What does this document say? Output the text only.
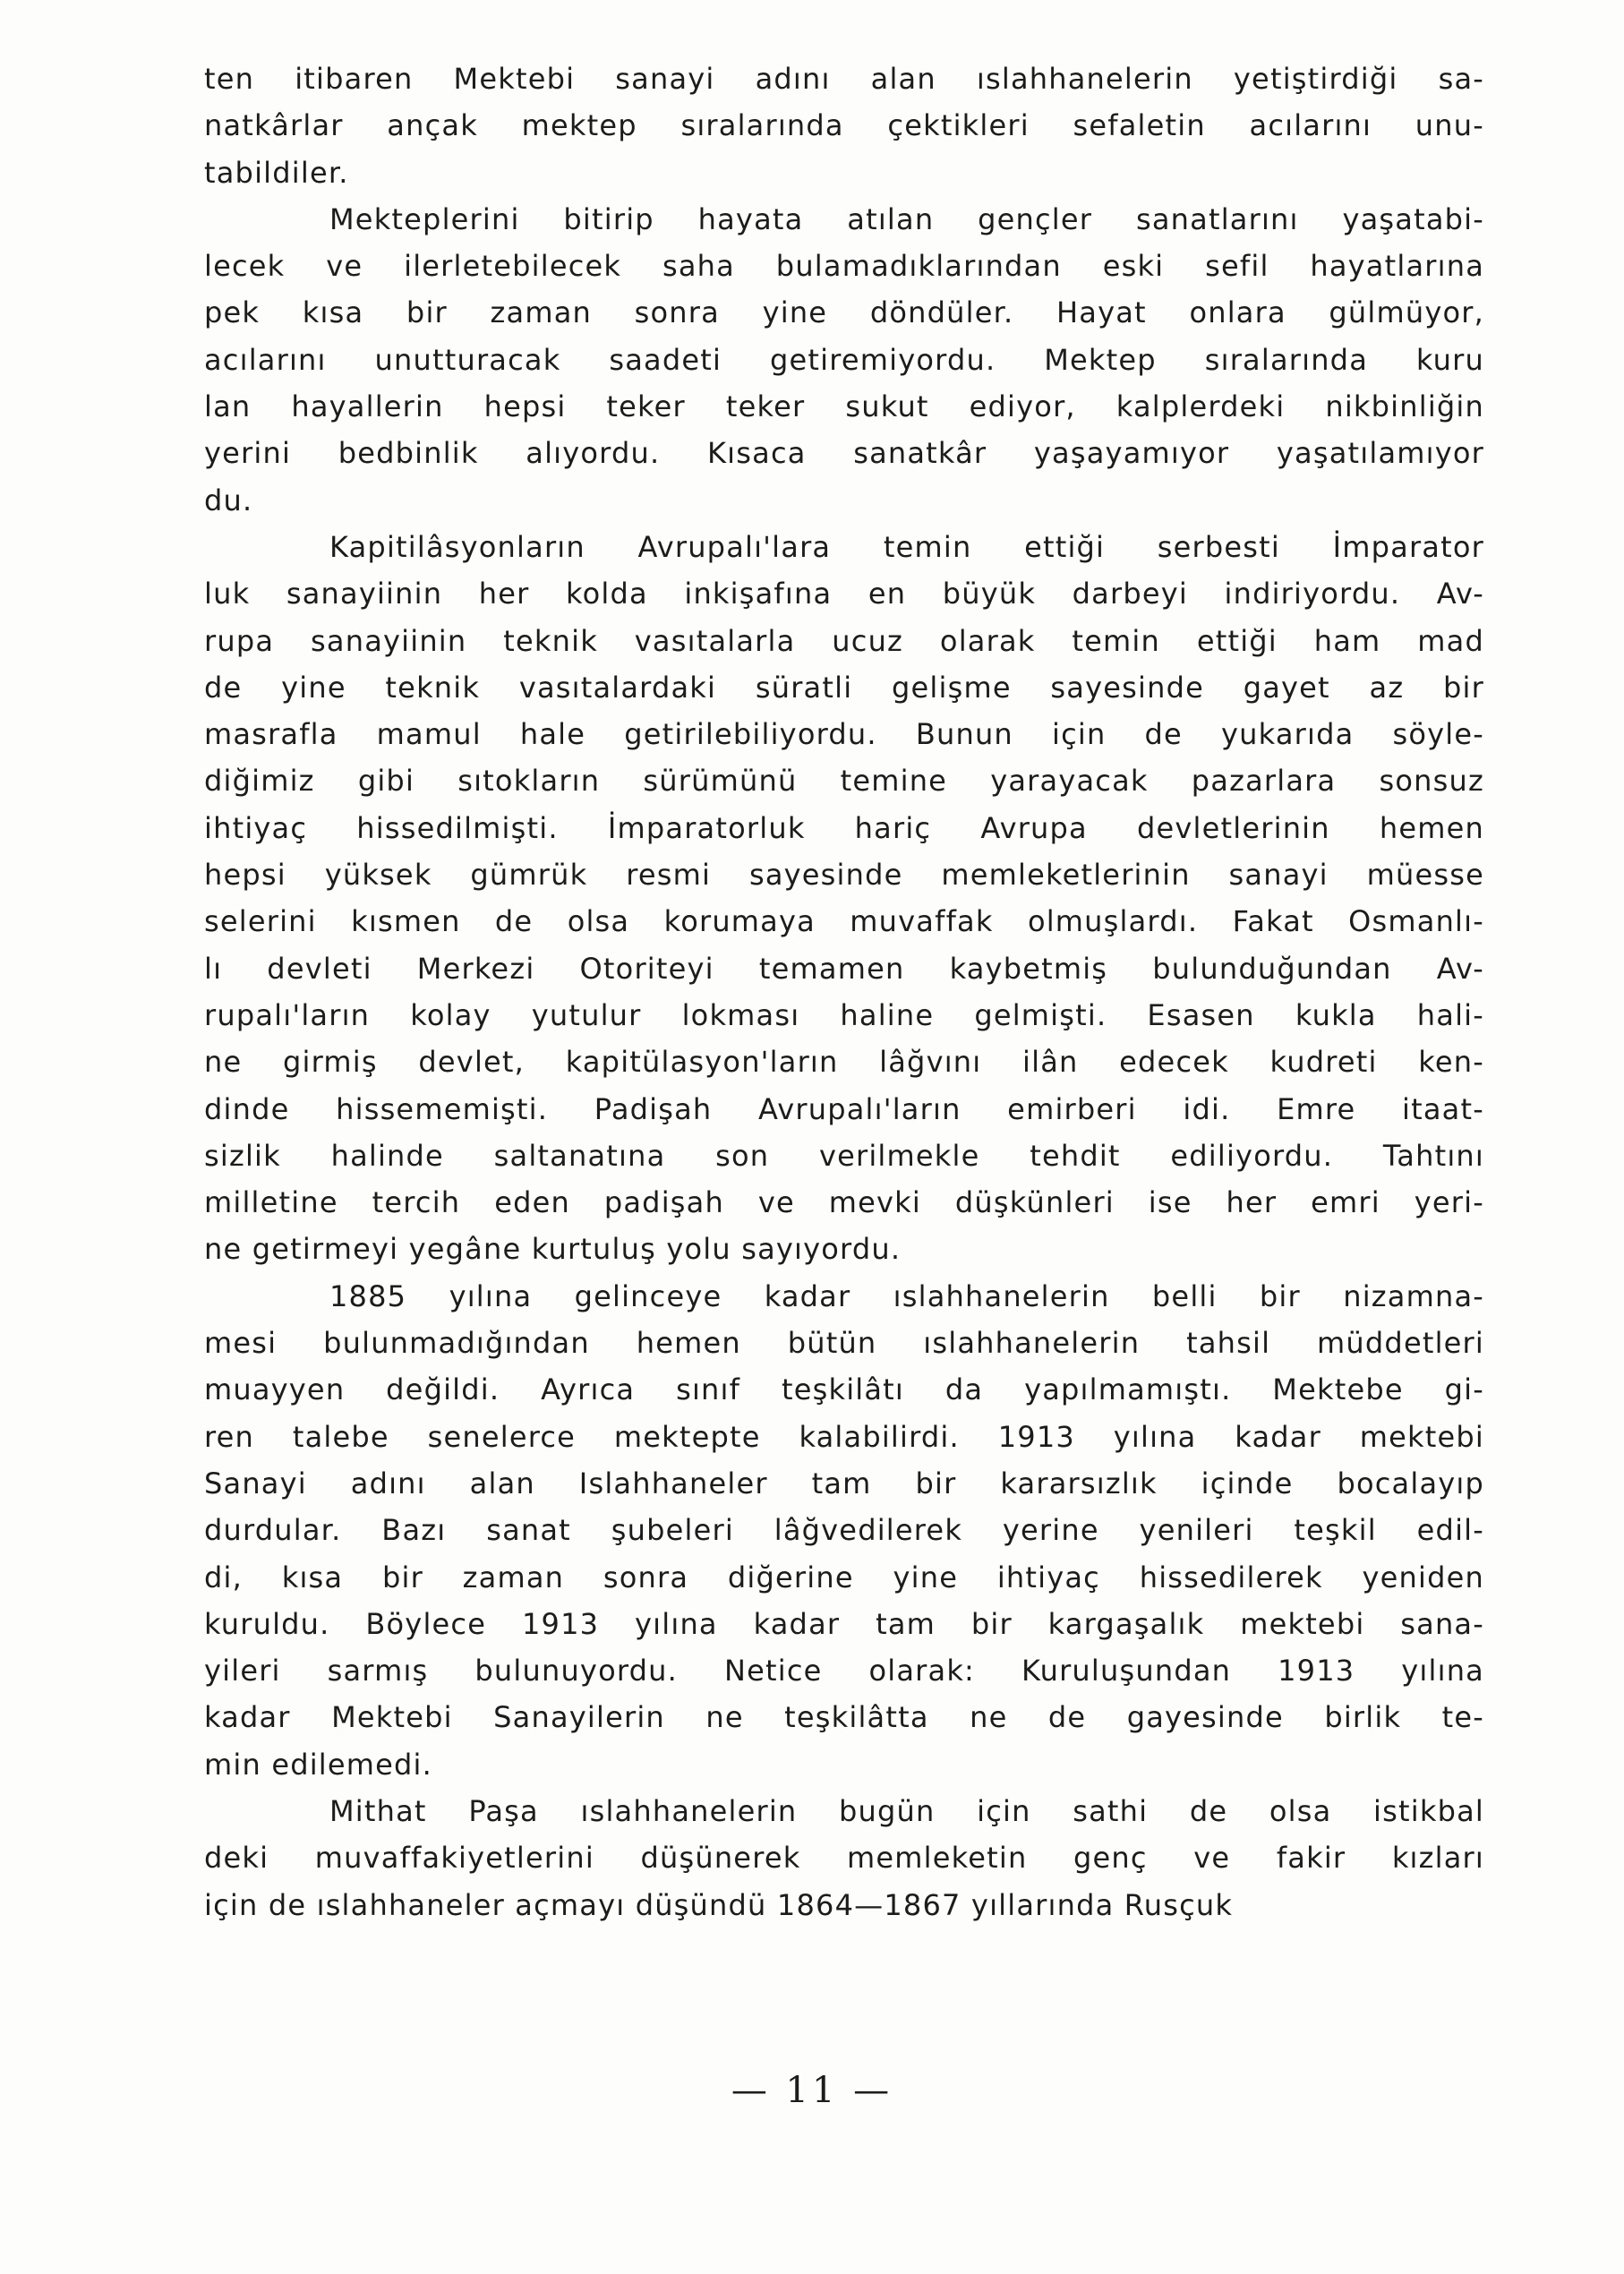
ten itibaren Mektebi sanayi adını alan ıslahhanelerin yetiştirdiği sa-
natkârlar ançak mektep sıralarında çektikleri sefaletin acılarını unu-
tabildiler.
Mekteplerini bitirip hayata atılan gençler sanatlarını yaşatabi-
lecek ve ilerletebilecek saha bulamadıklarından eski sefil hayatlarına
pek kısa bir zaman sonra yine döndüler. Hayat onlara gülmüyor,
acılarını unutturacak saadeti getiremiyordu. Mektep sıralarında kuru
lan hayallerin hepsi teker teker sukut ediyor, kalplerdeki nikbinliğin
yerini bedbinlik alıyordu. Kısaca sanatkâr yaşayamıyor yaşatılamıyor
du.
Kapitilâsyonların Avrupalı'lara temin ettiği serbesti İmparator
luk sanayiinin her kolda inkişafına en büyük darbeyi indiriyordu. Av-
rupa sanayiinin teknik vasıtalarla ucuz olarak temin ettiği ham mad
de yine teknik vasıtalardaki süratli gelişme sayesinde gayet az bir
masrafla mamul hale getirilebiliyordu. Bunun için de yukarıda söyle-
diğimiz gibi sıtokların sürümünü temine yarayacak pazarlara sonsuz
ihtiyaç hissedilmişti. İmparatorluk hariç Avrupa devletlerinin hemen
hepsi yüksek gümrük resmi sayesinde memleketlerinin sanayi müesse
selerini kısmen de olsa korumaya muvaffak olmuşlardı. Fakat Osmanlı-
lı devleti Merkezi Otoriteyi temamen kaybetmiş bulunduğundan Av-
rupalı'ların kolay yutulur lokması haline gelmişti. Esasen kukla hali-
ne girmiş devlet, kapitülasyon'ların lâğvını ilân edecek kudreti ken-
dinde hissememişti. Padişah Avrupalı'ların emirberi idi. Emre itaat-
sizlik halinde saltanatına son verilmekle tehdit ediliyordu. Tahtını
milletine tercih eden padişah ve mevki düşkünleri ise her emri yeri-
ne getirmeyi yegâne kurtuluş yolu sayıyordu.
1885 yılına gelinceye kadar ıslahhanelerin belli bir nizamna-
mesi bulunmadığından hemen bütün ıslahhanelerin tahsil müddetleri
muayyen değildi. Ayrıca sınıf teşkilâtı da yapılmamıştı. Mektebe gi-
ren talebe senelerce mektepte kalabilirdi. 1913 yılına kadar mektebi
Sanayi adını alan Islahhaneler tam bir kararsızlık içinde bocalayıp
durdular. Bazı sanat şubeleri lâğvedilerek yerine yenileri teşkil edil-
di, kısa bir zaman sonra diğerine yine ihtiyaç hissedilerek yeniden
kuruldu. Böylece 1913 yılına kadar tam bir kargaşalık mektebi sana-
yileri sarmış bulunuyordu. Netice olarak: Kuruluşundan 1913 yılına
kadar Mektebi Sanayilerin ne teşkilâtta ne de gayesinde birlik te-
min edilemedi.
Mithat Paşa ıslahhanelerin bugün için sathi de olsa istikbal
deki muvaffakiyetlerini düşünerek memleketin genç ve fakir kızları
için de ıslahhaneler açmayı düşündü 1864—1867 yıllarında Rusçuk
— 11 —
